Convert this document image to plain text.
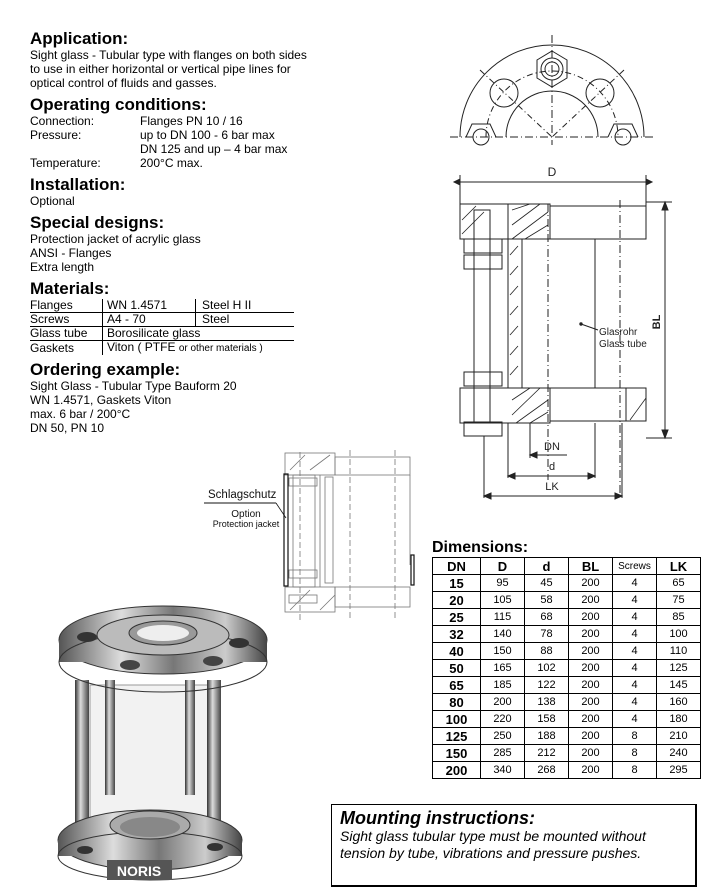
Application:
Sight glass - Tubular type with flanges on both sides
to use in either horizontal or vertical pipe lines for
optical control of fluids and gasses.
Operating conditions:
Connection:	Flanges PN 10 / 16
Pressure:	up to DN 100 - 6 bar max
DN 125 and up – 4 bar max
Temperature:	200°C max.
Installation:
Optional
Special designs:
Protection jacket of acrylic glass
ANSI - Flanges
Extra length
Materials:
Flanges	WN 1.4571	Steel H II
Screws	A4 - 70	Steel
Glass tube	Borosilicate glass	
Gaskets	Viton ( PTFE or other materials )	
Ordering example:
Sight Glass - Tubular Type Bauform 20
WN 1.4571, Gaskets Viton
max. 6 bar / 200°C
DN 50, PN 10
D
BL
Glasrohr
Glass tube
DN
d
LK
Schlagschutz
Option
Protection jacket
NORIS
Dimensions:
DN	D	d	BL	Screws	LK
15	95	45	200	4	65
20	105	58	200	4	75
25	115	68	200	4	85
32	140	78	200	4	100
40	150	88	200	4	110
50	165	102	200	4	125
65	185	122	200	4	145
80	200	138	200	4	160
100	220	158	200	4	180
125	250	188	200	8	210
150	285	212	200	8	240
200	340	268	200	8	295
Mounting instructions:
Sight glass tubular type must be mounted without
tension by tube, vibrations and pressure pushes.
